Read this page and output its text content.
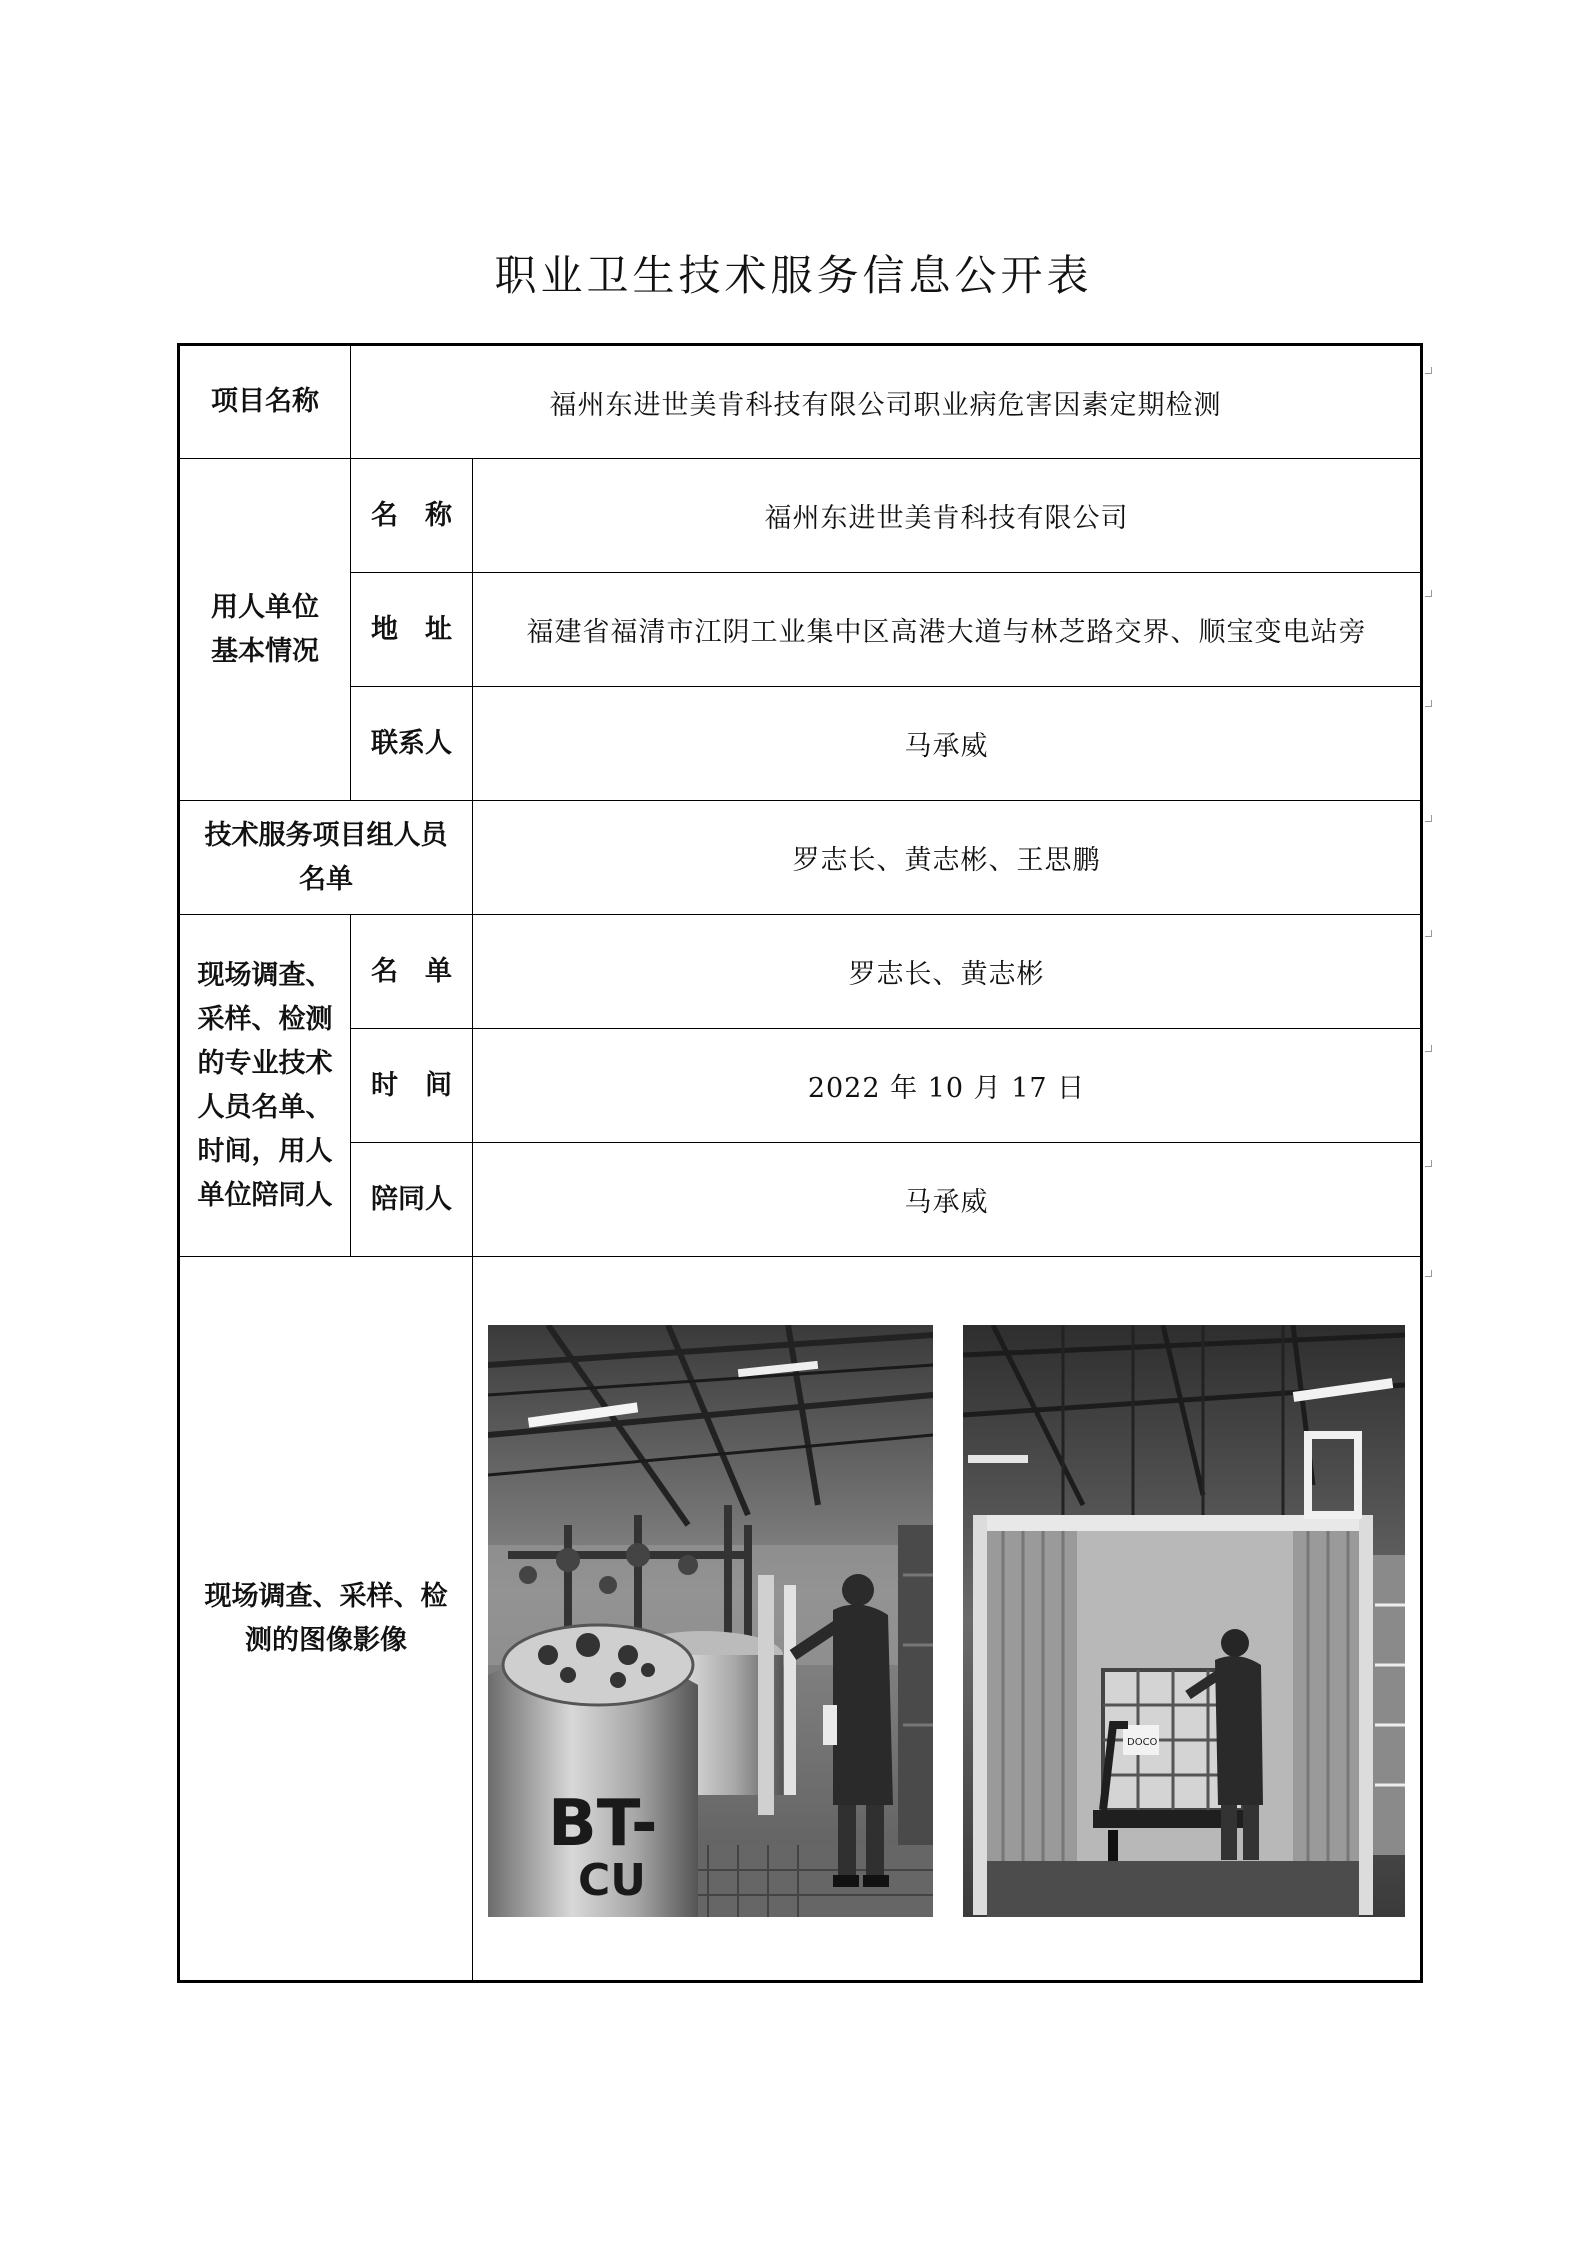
职业卫生技术服务信息公开表
项目名称	福州东进世美肯科技有限公司职业病危害因素定期检测	
用人单位基本情况	名　称	福州东进世美肯科技有限公司
	地　址	福建省福清市江阴工业集中区高港大道与林芝路交界、顺宝变电站旁
	联系人	马承威
技术服务项目组人员名单		罗志长、黄志彬、王思鹏
现场调查、采样、检测的专业技术人员名单、时间，用人单位陪同人	名　单	罗志长、黄志彬
	时　间	2022 年 10 月 17 日
	陪同人	马承威
现场调查、采样、检测的图像影像		BT-
CU
DOCO
